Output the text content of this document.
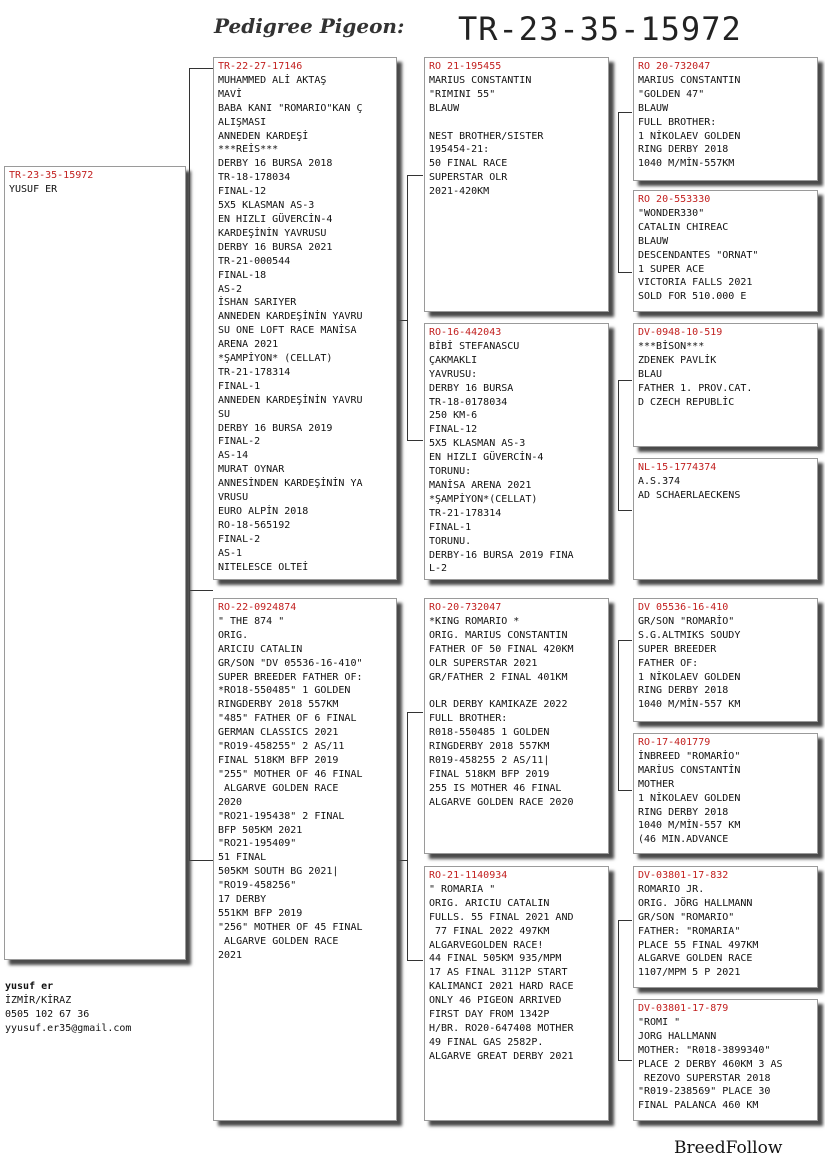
Pedigree Pigeon: TR-23-35-15972
TR-23-35-15972
YUSUF ER
TR-22-27-17146
MUHAMMED ALİ AKTAŞ
MAVİ
BABA KANI "ROMARIO"KAN Ç
ALIŞMASI
ANNEDEN KARDEŞİ
***REİS***
DERBY 16 BURSA 2018
TR-18-178034
FINAL-12
5X5 KLASMAN AS-3
EN HIZLI GÜVERCİN-4
KARDEŞİNİN YAVRUSU
DERBY 16 BURSA 2021
TR-21-000544
FINAL-18
AS-2
İSHAN SARIYER
ANNEDEN KARDEŞİNİN YAVRU
SU ONE LOFT RACE MANİSA
ARENA 2021
*ŞAMPİYON* (CELLAT)
TR-21-178314
FINAL-1
ANNEDEN KARDEŞİNİN YAVRU
SU
DERBY 16 BURSA 2019
FINAL-2
AS-14
MURAT OYNAR
ANNESİNDEN KARDEŞİNİN YA
VRUSU
EURO ALPİN 2018
RO-18-565192
FINAL-2
AS-1
NITELESCE OLTEİ
RO-22-0924874
" THE 874 "
ORIG.
ARICIU CATALIN
GR/SON "DV 05536-16-410"
SUPER BREEDER FATHER OF:
*RO18-550485" 1 GOLDEN
RINGDERBY 2018 557KM
"485" FATHER OF 6 FINAL
GERMAN CLASSICS 2021
"RO19-458255" 2 AS/11
FINAL 518KM BFP 2019
"255" MOTHER OF 46 FINAL
ALGARVE GOLDEN RACE
2020
"RO21-195438" 2 FINAL
BFP 505KM 2021
"RO21-195409"
51 FINAL
505KM SOUTH BG 2021|
"RO19-458256"
17 DERBY
551KM BFP 2019
"256" MOTHER OF 45 FINAL
ALGARVE GOLDEN RACE
2021
RO 21-195455
MARIUS CONSTANTIN
"RIMINI 55"
BLAUW

NEST BROTHER/SISTER
195454-21:
50 FINAL RACE
SUPERSTAR OLR
2021-420KM
RO-16-442043
BİBİ STEFANASCU
ÇAKMAKLI
YAVRUSU:
DERBY 16 BURSA
TR-18-0178034
250 KM-6
FINAL-12
5X5 KLASMAN AS-3
EN HIZLI GÜVERCİN-4
TORUNU:
MANİSA ARENA 2021
*ŞAMPİYON*(CELLAT)
TR-21-178314
FINAL-1
TORUNU.
DERBY-16 BURSA 2019 FINA
L-2
RO-20-732047
*KING ROMARIO *
ORIG. MARIUS CONSTANTIN
FATHER OF 50 FINAL 420KM
OLR SUPERSTAR 2021
GR/FATHER 2 FINAL 401KM

OLR DERBY KAMIKAZE 2022
FULL BROTHER:
R018-550485 1 GOLDEN
RINGDERBY 2018 557KM
R019-458255 2 AS/11|
FINAL 518KM BFP 2019
255 IS MOTHER 46 FINAL
ALGARVE GOLDEN RACE 2020
RO-21-1140934
" ROMARIA "
ORIG. ARICIU CATALIN
FULLS. 55 FINAL 2021 AND
77 FINAL 2022 497KM
ALGARVEGOLDEN RACE!
44 FINAL 505KM 935/MPM
17 AS FINAL 3112P START
KALIMANCI 2021 HARD RACE
ONLY 46 PIGEON ARRIVED
FIRST DAY FROM 1342P
H/BR. RO20-647408 MOTHER
49 FINAL GAS 2582P.
ALGARVE GREAT DERBY 2021
RO 20-732047
MARIUS CONSTANTIN
"GOLDEN 47"
BLAUW
FULL BROTHER:
1 NİKOLAEV GOLDEN
RING DERBY 2018
1040 M/MİN-557KM
RO 20-553330
"WONDER330"
CATALIN CHIREAC
BLAUW
DESCENDANTES "ORNAT"
1 SUPER ACE
VICTORIA FALLS 2021
SOLD FOR 510.000 E
DV-0948-10-519
***BİSON***
ZDENEK PAVLİK
BLAU
FATHER 1. PROV.CAT.
D CZECH REPUBLİC
NL-15-1774374
A.S.374
AD SCHAERLAECKENS
DV 05536-16-410
GR/SON "ROMARİO"
S.G.ALTMIKS SOUDY
SUPER BREEDER
FATHER OF:
1 NİKOLAEV GOLDEN
RING DERBY 2018
1040 M/MİN-557 KM
RO-17-401779
İNBREED "ROMARİO"
MARİUS CONSTANTİN
MOTHER
1 NİKOLAEV GOLDEN
RING DERBY 2018
1040 M/MİN-557 KM
(46 MIN.ADVANCE
DV-03801-17-832
ROMARIO JR.
ORIG. JÖRG HALLMANN
GR/SON "ROMARIO"
FATHER: "ROMARIA"
PLACE 55 FINAL 497KM
ALGARVE GOLDEN RACE
1107/MPM 5 P 2021
DV-03801-17-879
"ROMI "
JORG HALLMANN
MOTHER: "R018-3899340"
PLACE 2 DERBY 460KM 3 AS
REZOVO SUPERSTAR 2018
"R019-238569" PLACE 30
FINAL PALANCA 460 KM
yusuf er
İZMİR/KİRAZ
0505 102 67 36
yyusuf.er35@gmail.com
BreedFollow
